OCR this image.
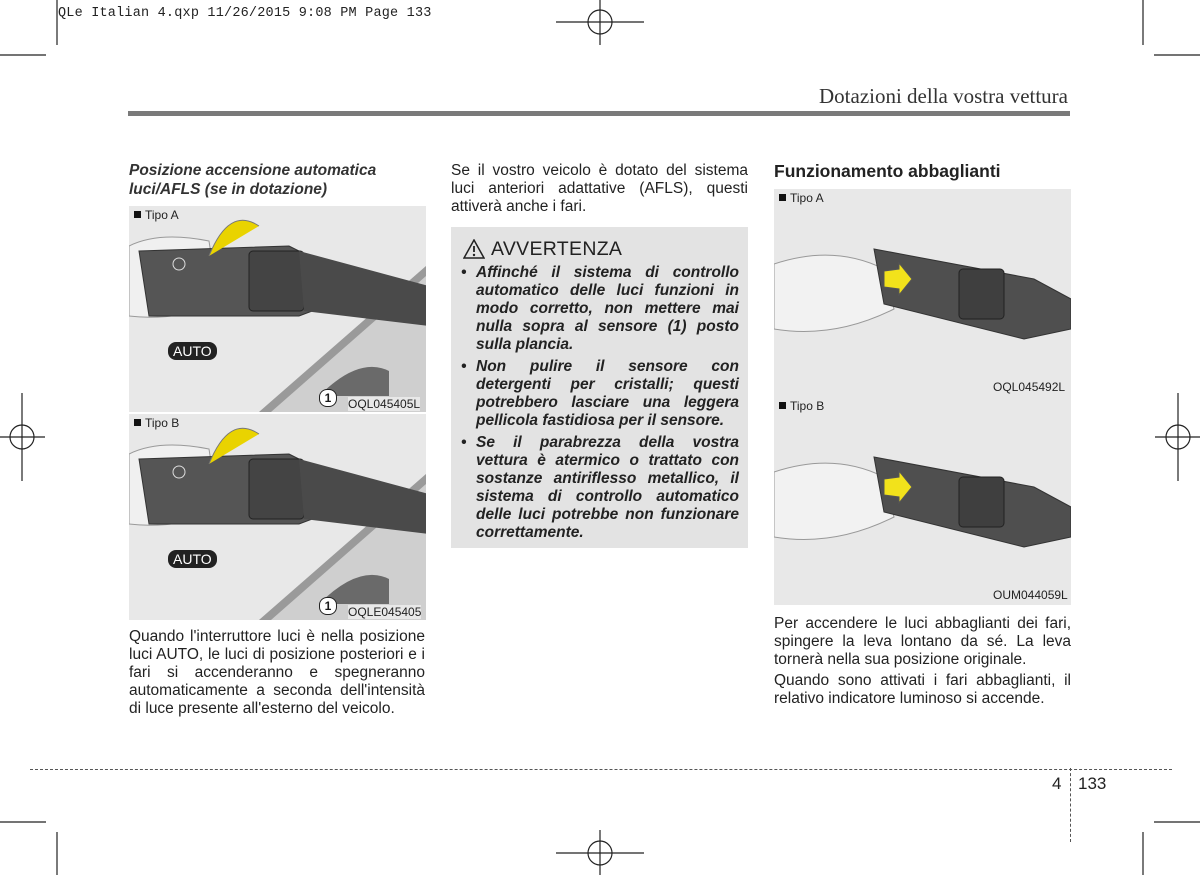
QLe Italian 4.qxp 11/26/2015 9:08 PM Page 133
Dotazioni della vostra vettura
Posizione accensione automatica luci/AFLS (se in dotazione)
Tipo A
AUTO
1	OQL045405L
Tipo B
AUTO
1	OQLE045405
Quando l'interruttore luci è nella posizione luci AUTO, le luci di posizione posteriori e i fari si accenderanno e spegneranno automaticamente a seconda dell'intensità di luce presente all'esterno del veicolo.
Se il vostro veicolo è dotato del sistema luci anteriori adattative (AFLS), questi attiverà anche i fari.
AVVERTENZA
• Affinché il sistema di controllo automatico delle luci funzioni in modo corretto, non mettere mai nulla sopra al sensore (1) posto sulla plancia.
• Non pulire il sensore con detergenti per cristalli; questi potrebbero lasciare una leggera pellicola fastidiosa per il sensore.
• Se il parabrezza della vostra vettura è atermico o trattato con sostanze antiriflesso metallico, il sistema di controllo automatico delle luci potrebbe non funzionare correttamente.
Funzionamento abbaglianti
Tipo A
OQL045492L
Tipo B
OUM044059L
Per accendere le luci abbaglianti dei fari, spingere la leva lontano da sé. La leva tornerà nella sua posizione originale.
Quando sono attivati i fari abbaglianti, il relativo indicatore luminoso si accende.
4 133
